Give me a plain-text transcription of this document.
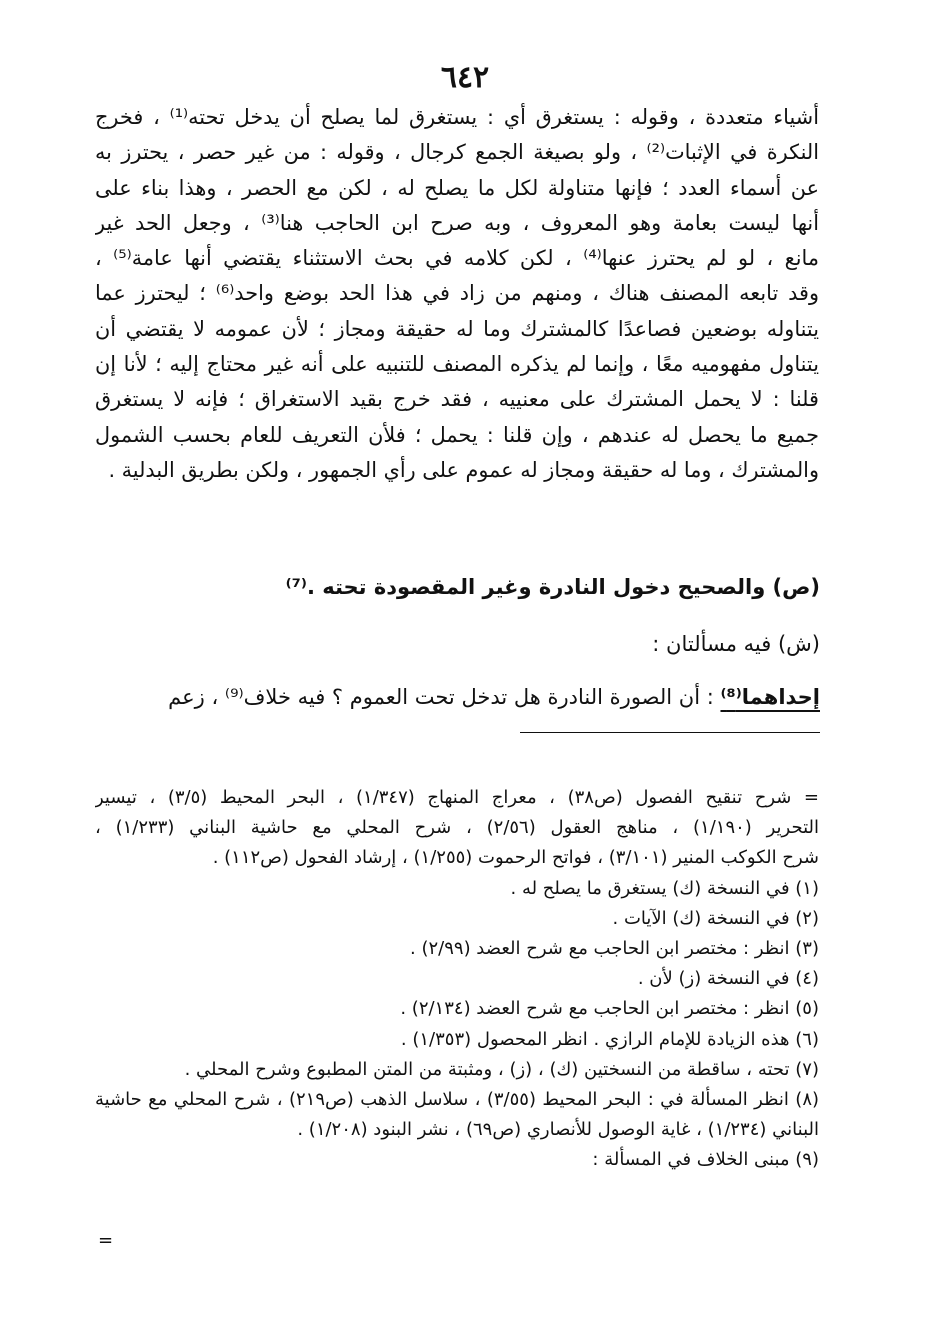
٦٤٢
أشياء متعددة ، وقوله : يستغرق أي : يستغرق لما يصلح أن يدخل تحته⁽¹⁾ ، فخرج
النكرة في الإثبات⁽²⁾ ، ولو بصيغة الجمع كرجال ، وقوله : من غير حصر ، يحترز به
عن أسماء العدد ؛ فإنها متناولة لكل ما يصلح له ، لكن مع الحصر ، وهذا بناء على
أنها ليست بعامة وهو المعروف ، وبه صرح ابن الحاجب هنا⁽³⁾ ، وجعل الحد غير
مانع ، لو لم يحترز عنها⁽⁴⁾ ، لكن كلامه في بحث الاستثناء يقتضي أنها عامة⁽⁵⁾ ،
وقد تابعه المصنف هناك ، ومنهم من زاد في هذا الحد بوضع واحد⁽⁶⁾ ؛ ليحترز عما
يتناوله بوضعين فصاعدًا كالمشترك وما له حقيقة ومجاز ؛ لأن عمومه لا يقتضي أن
يتناول مفهوميه معًا ، وإنما لم يذكره المصنف للتنبيه على أنه غير محتاج إليه ؛ لأنا إن
قلنا : لا يحمل المشترك على معنييه ، فقد خرج بقيد الاستغراق ؛ فإنه لا يستغرق
جميع ما يحصل له عندهم ، وإن قلنا : يحمل ؛ فلأن التعريف للعام بحسب الشمول
والمشترك ، وما له حقيقة ومجاز له عموم على رأي الجمهور ، ولكن بطريق البدلية .
(ص) والصحيح دخول النادرة وغير المقصودة تحته .⁽⁷⁾
(ش) فيه مسألتان :
إحداهما⁽⁸⁾ : أن الصورة النادرة هل تدخل تحت العموم ؟ فيه خلاف⁽⁹⁾ ، زعم
= شرح تنقيح الفصول (ص٣٨) ، معراج المنهاج (١/٣٤٧) ، البحر المحيط (٣/٥) ، تيسير
التحرير (١/١٩٠) ، مناهج العقول (٢/٥٦) ، شرح المحلي مع حاشية البناني (١/٢٣٣) ،
شرح الكوكب المنير (٣/١٠١) ، فواتح الرحموت (١/٢٥٥) ، إرشاد الفحول (ص١١٢) .
(١) في النسخة (ك) يستغرق ما يصلح له .
(٢) في النسخة (ك) الآيات .
(٣) انظر : مختصر ابن الحاجب مع شرح العضد (٢/٩٩) .
(٤) في النسخة (ز) لأن .
(٥) انظر : مختصر ابن الحاجب مع شرح العضد (٢/١٣٤) .
(٦) هذه الزيادة للإمام الرازي . انظر المحصول (١/٣٥٣) .
(٧) تحته ، ساقطة من النسختين (ك) ، (ز) ، ومثبتة من المتن المطبوع وشرح المحلي .
(٨) انظر المسألة في : البحر المحيط (٣/٥٥) ، سلاسل الذهب (ص٢١٩) ، شرح المحلي مع حاشية
البناني (١/٢٣٤) ، غاية الوصول للأنصاري (ص٦٩) ، نشر البنود (١/٢٠٨) .
(٩) مبنى الخلاف في المسألة :
=
